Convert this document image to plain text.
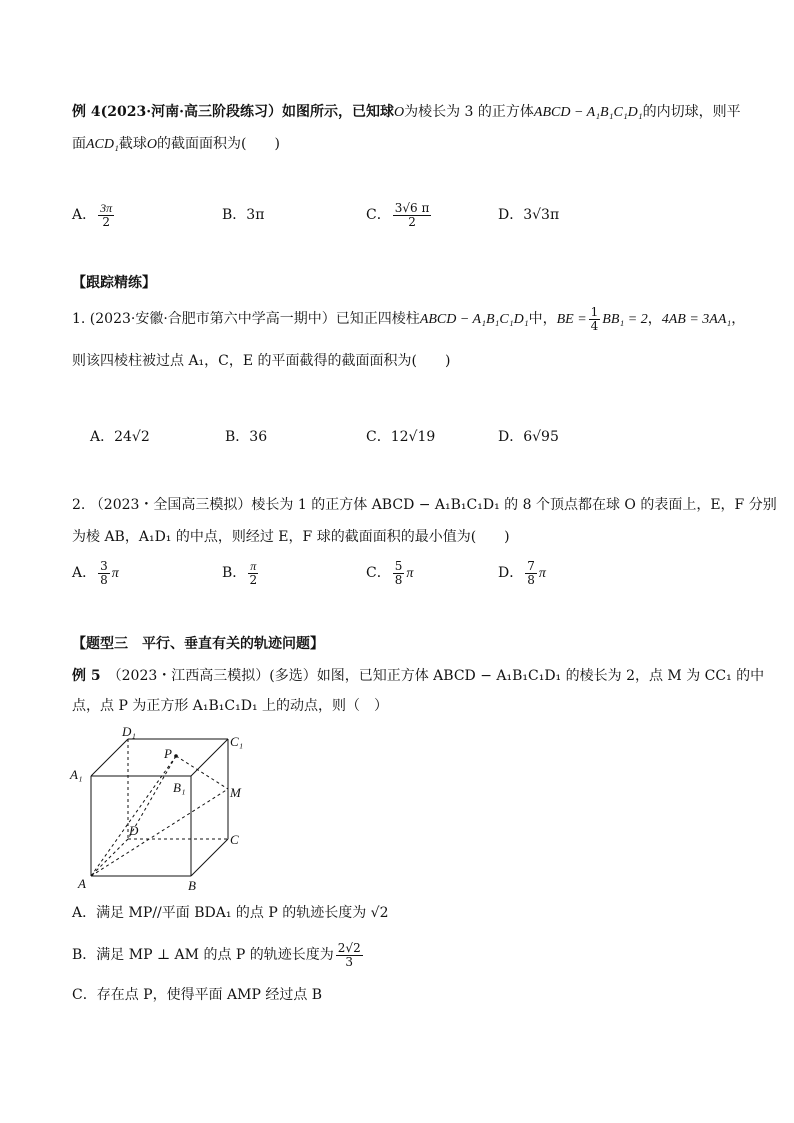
例 4(2023·河南·高三阶段练习）如图所示，已知球O为棱长为 3 的正方体ABCD − A₁B₁C₁D₁的内切球，则平
面ACD₁截球O的截面面积为(　　)
A． $\frac{3\pi}{2}$	B．3π	C． $\frac{3√6 \pi}{2}$	D．3√3π
【跟踪精练】
1. (2023·安徽·合肥市第六中学高一期中）已知正四棱柱ABCD − A₁B₁C₁D₁中，BE = $\frac{1}{4} BB_1 = 2$，4AB = 3AA₁，
则该四棱柱被过点 A₁，C，E 的平面截得的截面面积为(　　)
A．24√2	B．36	C．12√19	D．6√95
2. （2023・全国高三模拟）棱长为 1 的正方体 ABCD − A₁B₁C₁D₁ 的 8 个顶点都在球 O 的表面上，E，F 分别
为棱 AB，A₁D₁ 的中点，则经过 E，F 球的截面面积的最小值为(　　)
A． $\frac{3}{8}$ π	B． $\frac{\pi}{2}$	C． $\frac{5}{8}$ π	D． $\frac{7}{8}$ π
【题型三　平行、垂直有关的轨迹问题】
例 5　 （2023・江西高三模拟）(多选）如图，已知正方体 ABCD − A₁B₁C₁D₁ 的棱长为 2，点 M 为 CC₁ 的中
点，点 P 为正方形 A₁B₁C₁D₁ 上的动点，则（　）
A	B
C
D
A₁
B₁
C₁
D₁
P
M
A．满足 MP//平面 BDA₁ 的点 P 的轨迹长度为 √2
B．满足 MP ⊥ AM 的点 P 的轨迹长度为 $\frac{2√2}{3}$
C．存在点 P，使得平面 AMP 经过点 B
